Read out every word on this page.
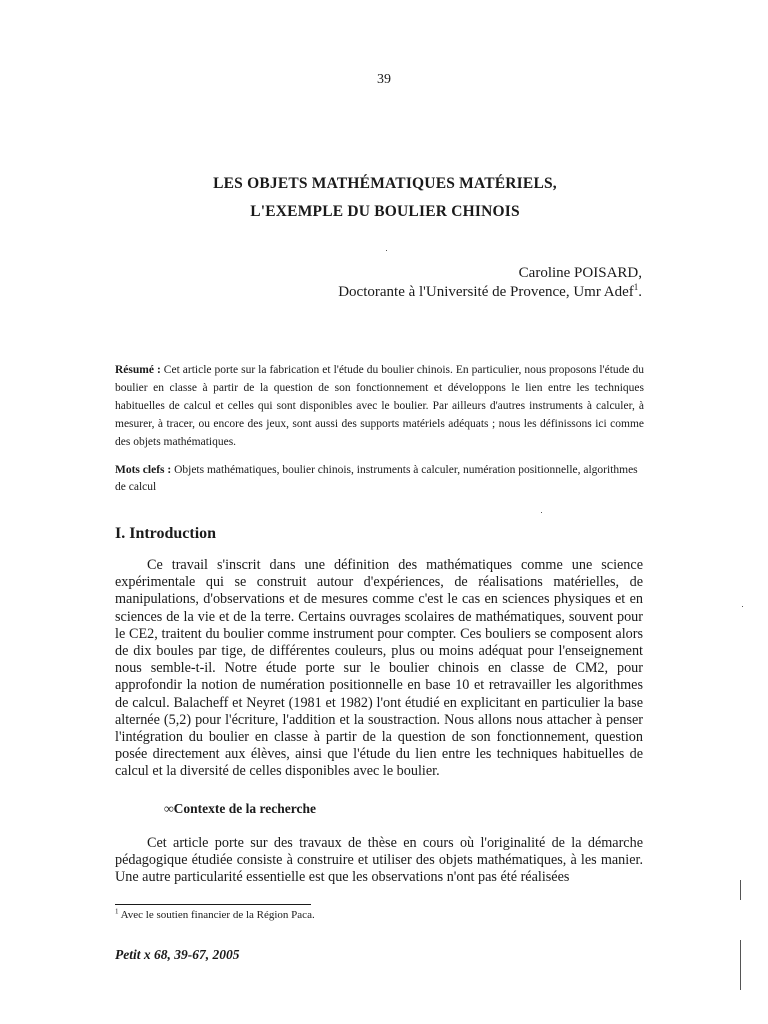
39
LES OBJETS MATHÉMATIQUES MATÉRIELS,
L'EXEMPLE DU BOULIER CHINOIS
Caroline POISARD,
Doctorante à l'Université de Provence, Umr Adef$^1$.
Résumé : Cet article porte sur la fabrication et l'étude du boulier chinois. En particulier, nous proposons l'étude du boulier en classe à partir de la question de son fonctionnement et développons le lien entre les techniques habituelles de calcul et celles qui sont disponibles avec le boulier. Par ailleurs d'autres instruments à calculer, à mesurer, à tracer, ou encore des jeux, sont aussi des supports matériels adéquats ; nous les définissons ici comme des objets mathématiques.
Mots clefs : Objets mathématiques, boulier chinois, instruments à calculer, numération positionnelle, algorithmes de calcul
I. Introduction

Ce travail s'inscrit dans une définition des mathématiques comme une science expérimentale qui se construit autour d'expériences, de réalisations matérielles, de manipulations, d'observations et de mesures comme c'est le cas en sciences physiques et en sciences de la vie et de la terre. Certains ouvrages scolaires de mathématiques, souvent pour le CE2, traitent du boulier comme instrument pour compter. Ces bouliers se composent alors de dix boules par tige, de différentes couleurs, plus ou moins adéquat pour l'enseignement nous semble-t-il. Notre étude porte sur le boulier chinois en classe de CM2, pour approfondir la notion de numération positionnelle en base 10 et retravailler les algorithmes de calcul. Balacheff et Neyret (1981 et 1982) l'ont étudié en explicitant en particulier la base alternée (5,2) pour l'écriture, l'addition et la soustraction. Nous allons nous attacher à penser l'intégration du boulier en classe à partir de la question de son fonctionnement, question posée directement aux élèves, ainsi que l'étude du lien entre les techniques habituelles de calcul et la diversité de celles disponibles avec le boulier.

∞Contexte de la recherche

Cet article porte sur des travaux de thèse en cours où l'originalité de la démarche pédagogique étudiée consiste à construire et utiliser des objets mathématiques, à les manier. Une autre particularité essentielle est que les observations n'ont pas été réalisées

$^1$ Avec le soutien financier de la Région Paca.
Petit x 68, 39-67, 2005
